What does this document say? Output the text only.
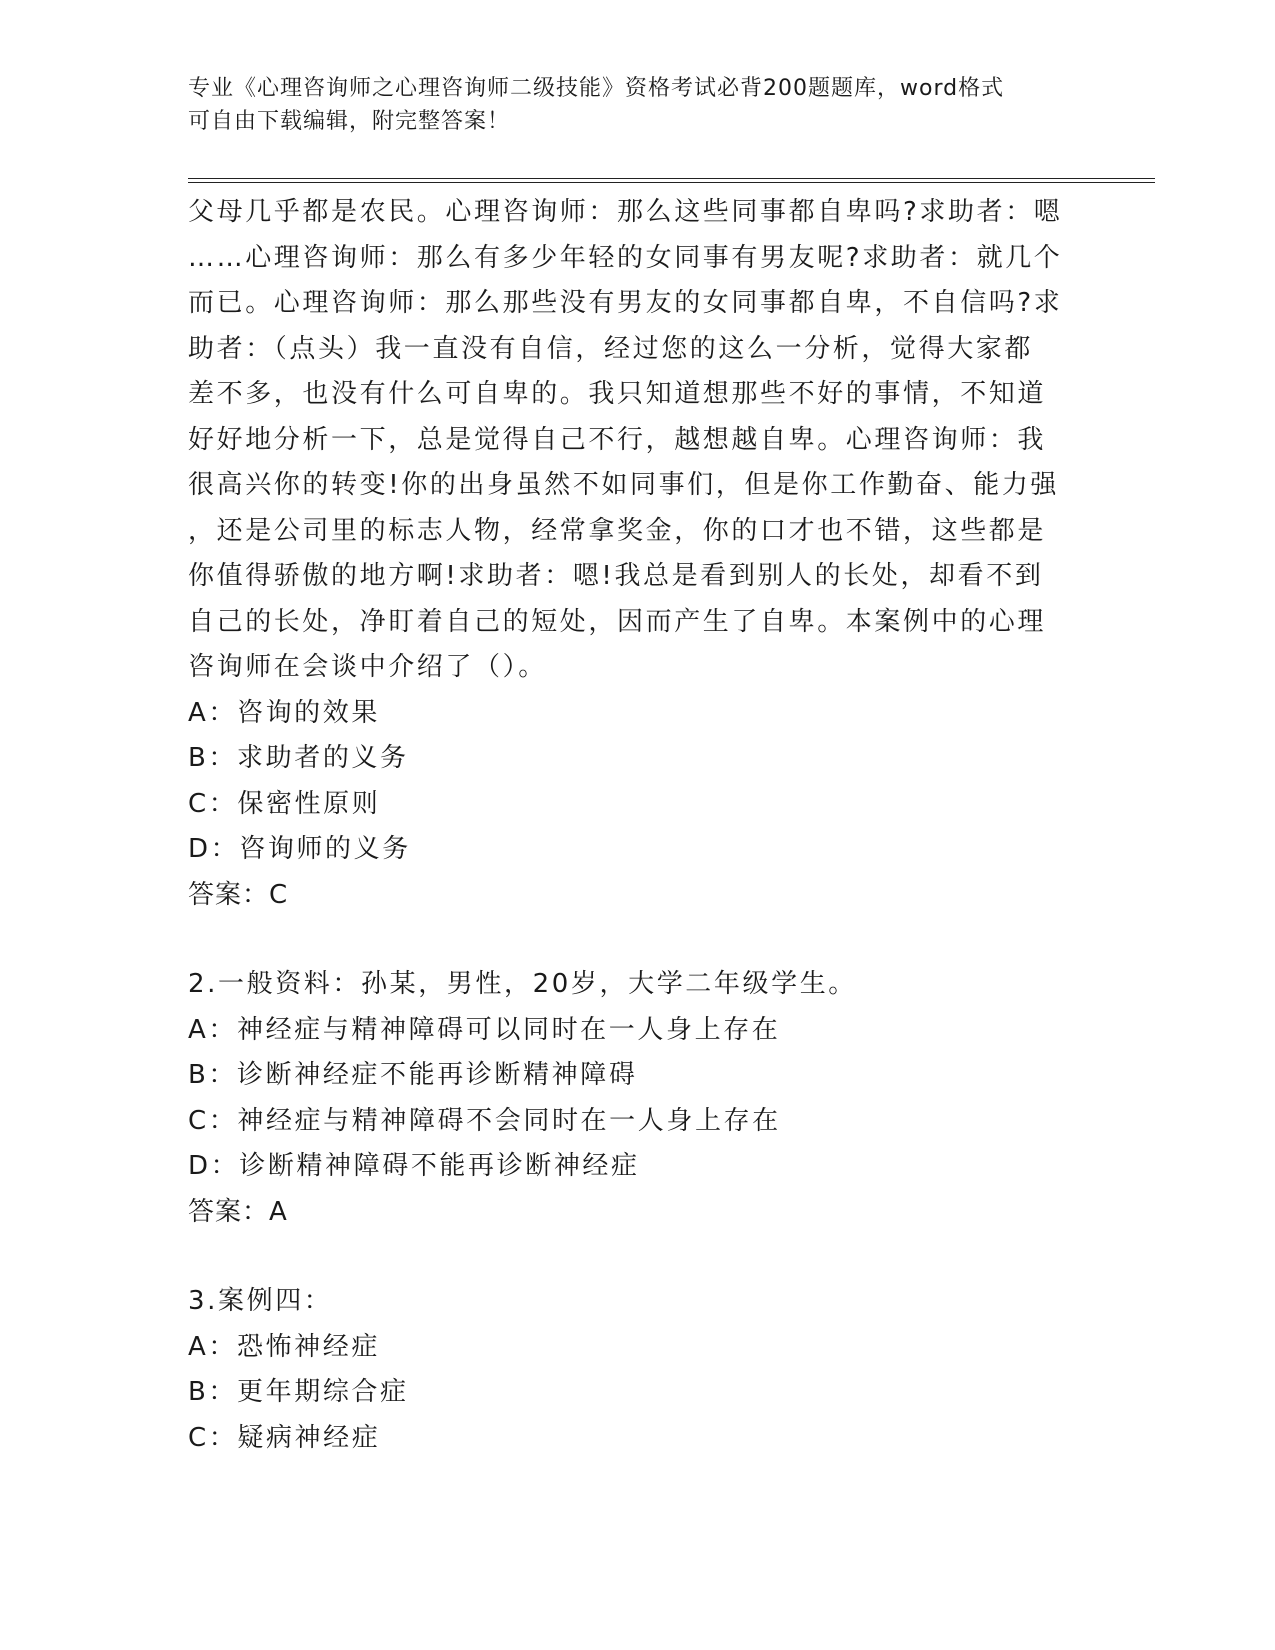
专业《心理咨询师之心理咨询师二级技能》资格考试必背200题题库，word格式
可自由下载编辑，附完整答案！

父母几乎都是农民。心理咨询师：那么这些同事都自卑吗?求助者：嗯

……心理咨询师：那么有多少年轻的女同事有男友呢?求助者：就几个

而已。心理咨询师：那么那些没有男友的女同事都自卑，不自信吗?求

助者：（点头）我一直没有自信，经过您的这么一分析，觉得大家都

差不多，也没有什么可自卑的。我只知道想那些不好的事情，不知道

好好地分析一下，总是觉得自己不行，越想越自卑。心理咨询师：我

很高兴你的转变!你的出身虽然不如同事们，但是你工作勤奋、能力强

，还是公司里的标志人物，经常拿奖金，你的口才也不错，这些都是

你值得骄傲的地方啊!求助者：嗯!我总是看到别人的长处，却看不到

自己的长处，净盯着自己的短处，因而产生了自卑。本案例中的心理

咨询师在会谈中介绍了（）。

A：咨询的效果

B：求助者的义务

C：保密性原则

D：咨询师的义务

答案：C

2.一般资料：孙某，男性，20岁，大学二年级学生。

A：神经症与精神障碍可以同时在一人身上存在

B：诊断神经症不能再诊断精神障碍

C：神经症与精神障碍不会同时在一人身上存在

D：诊断精神障碍不能再诊断神经症

答案：A

3.案例四：

A：恐怖神经症

B：更年期综合症

C：疑病神经症
